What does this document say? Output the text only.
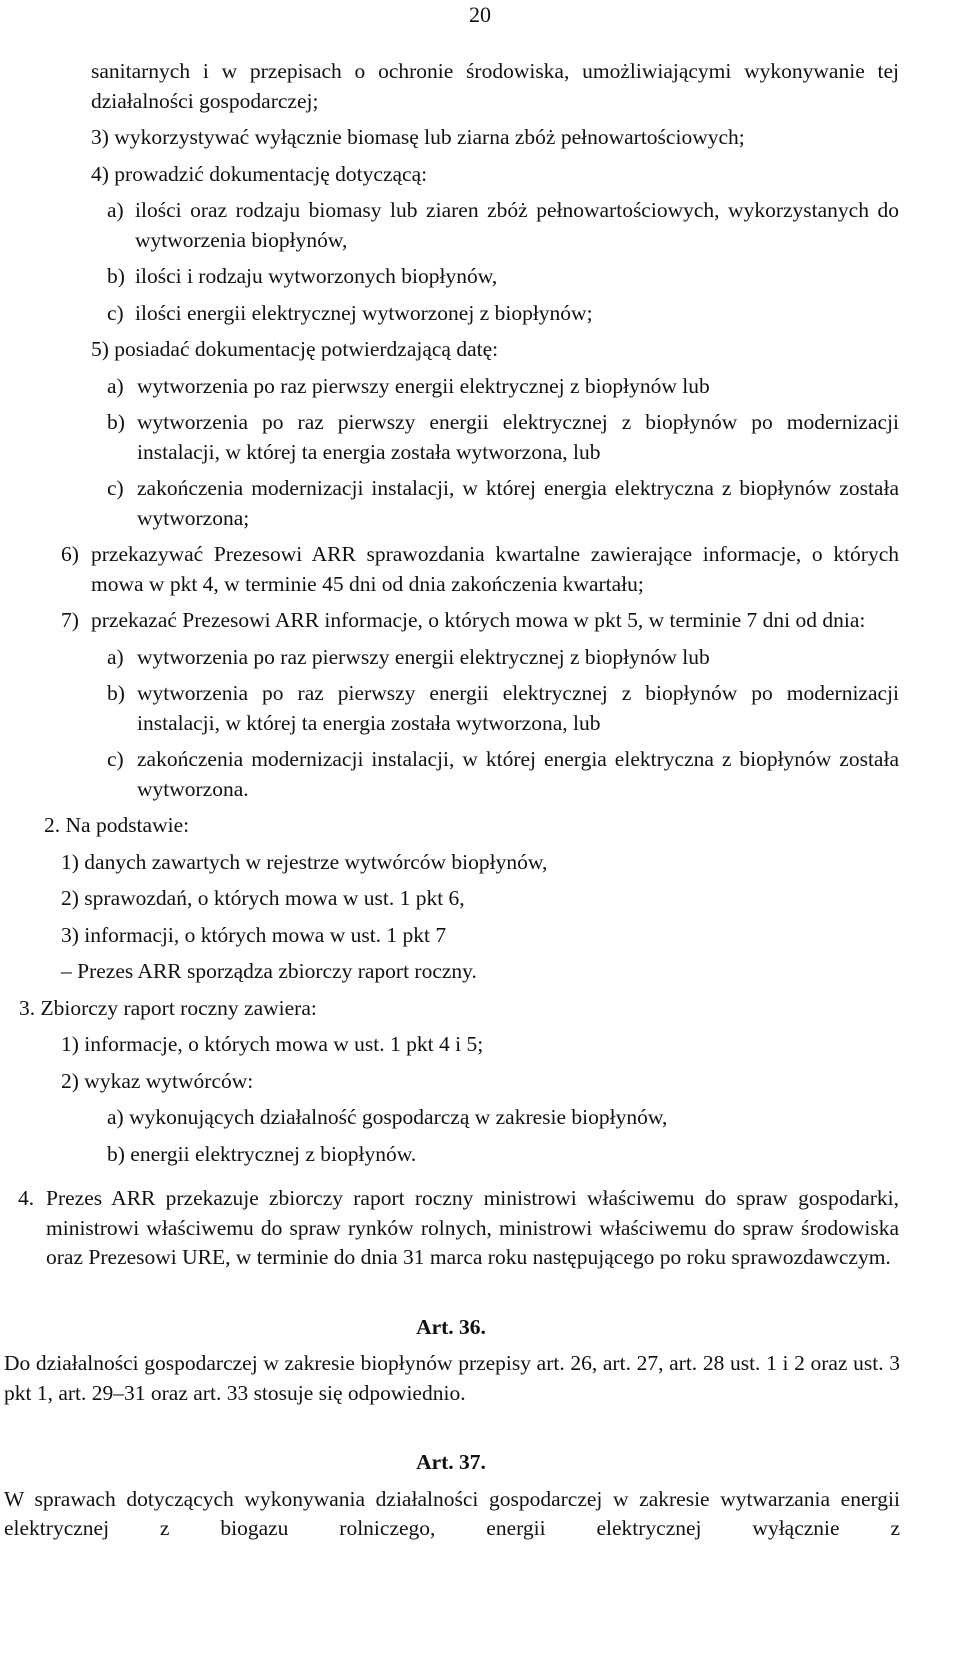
20
sanitarnych i w przepisach o ochronie środowiska, umożliwiającymi wykonywanie tej działalności gospodarczej;
3) wykorzystywać wyłącznie biomasę lub ziarna zbóż pełnowartościowych;
4) prowadzić dokumentację dotyczącą:
a) ilości oraz rodzaju biomasy lub ziaren zbóż pełnowartościowych, wykorzystanych do wytworzenia biopłynów,
b) ilości i rodzaju wytworzonych biopłynów,
c) ilości energii elektrycznej wytworzonej z biopłynów;
5) posiadać dokumentację potwierdzającą datę:
a) wytworzenia po raz pierwszy energii elektrycznej z biopłynów lub
b) wytworzenia po raz pierwszy energii elektrycznej z biopłynów po modernizacji instalacji, w której ta energia została wytworzona, lub
c) zakończenia modernizacji instalacji, w której energia elektryczna z biopłynów została wytworzona;
6) przekazywać Prezesowi ARR sprawozdania kwartalne zawierające informacje, o których mowa w pkt 4, w terminie 45 dni od dnia zakończenia kwartału;
7) przekazać Prezesowi ARR informacje, o których mowa w pkt 5, w terminie 7 dni od dnia:
a) wytworzenia po raz pierwszy energii elektrycznej z biopłynów lub
b) wytworzenia po raz pierwszy energii elektrycznej z biopłynów po modernizacji instalacji, w której ta energia została wytworzona, lub
c) zakończenia modernizacji instalacji, w której energia elektryczna z biopłynów została wytworzona.
2. Na podstawie:
1) danych zawartych w rejestrze wytwórców biopłynów,
2) sprawozdań, o których mowa w ust. 1 pkt 6,
3) informacji, o których mowa w ust. 1 pkt 7
– Prezes ARR sporządza zbiorczy raport roczny.
3. Zbiorczy raport roczny zawiera:
1) informacje, o których mowa w ust. 1 pkt 4 i 5;
2) wykaz wytwórców:
a) wykonujących działalność gospodarczą w zakresie biopłynów,
b) energii elektrycznej z biopłynów.
4. Prezes ARR przekazuje zbiorczy raport roczny ministrowi właściwemu do spraw gospodarki, ministrowi właściwemu do spraw rynków rolnych, ministrowi właściwemu do spraw środowiska oraz Prezesowi URE, w terminie do dnia 31 marca roku następującego po roku sprawozdawczym.
Art. 36.
Do działalności gospodarczej w zakresie biopłynów przepisy art. 26, art. 27, art. 28 ust. 1 i 2 oraz ust. 3 pkt 1, art. 29–31 oraz art. 33 stosuje się odpowiednio.
Art. 37.
W sprawach dotyczących wykonywania działalności gospodarczej w zakresie wytwarzania energii elektrycznej z biogazu rolniczego, energii elektrycznej wyłącznie z
